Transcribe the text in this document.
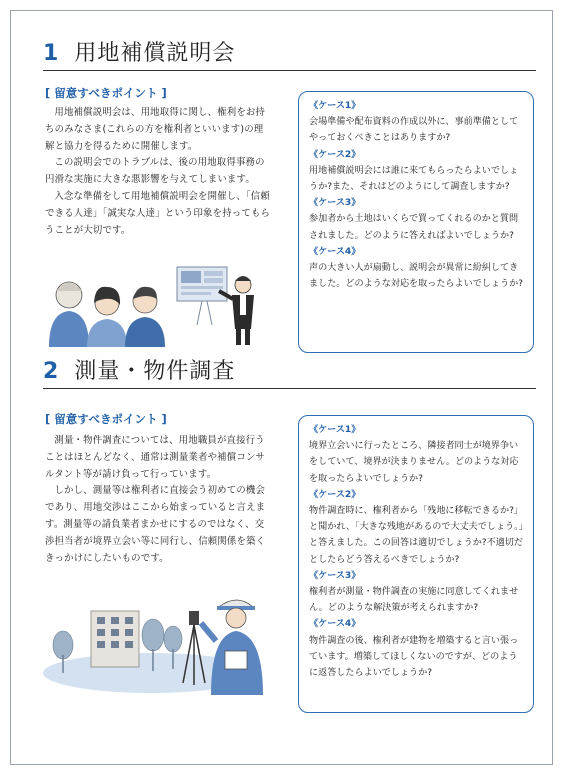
1 用地補償説明会
[ 留意すべきポイント ]

用地補償説明会は、用地取得に関し、権利をお持ちのみなさま(これらの方を権利者といいます)の理解と協力を得るために開催します。

この説明会でのトラブルは、後の用地取得事務の円滑な実施に大きな悪影響を与えてしまいます。

入念な準備をして用地補償説明会を開催し、「信頼できる人達」「誠実な人達」という印象を持ってもらうことが大切です。

《ケース1》
会場準備や配布資料の作成以外に、事前準備としてやっておくべきことはありますか?
《ケース2》
用地補償説明会には誰に来てもらったらよいでしょうか?また、それはどのようにして調査しますか?
《ケース3》
参加者から土地はいくらで買ってくれるのかと質問されました。どのように答えればよいでしょうか?
《ケース4》
声の大きい人が扇動し、説明会が異常に紛糾してきました。どのような対応を取ったらよいでしょうか?
2 測量・物件調査
[ 留意すべきポイント ]

測量・物件調査については、用地職員が直接行うことはほとんどなく、通常は測量業者や補償コンサルタント等が請け負って行っています。

しかし、測量等は権利者に直接会う初めての機会であり、用地交渉はここから始まっていると言えます。測量等の請負業者まかせにするのではなく、交渉担当者が境界立会い等に同行し、信頼関係を築くきっかけにしたいものです。

《ケース1》
境界立会いに行ったところ、隣接者同士が境界争いをしていて、境界が決まりません。どのような対応を取ったらよいでしょうか?
《ケース2》
物件調査時に、権利者から「残地に移転できるか?」と聞かれ、「大きな残地があるので大丈夫でしょう。」と答えました。この回答は適切でしょうか?不適切だとしたらどう答えるべきでしょうか?
《ケース3》
権利者が測量・物件調査の実施に同意してくれません。どのような解決策が考えられますか?
《ケース4》
物件調査の後、権利者が建物を増築すると言い張っています。増築してほしくないのですが、どのように返答したらよいでしょうか?
